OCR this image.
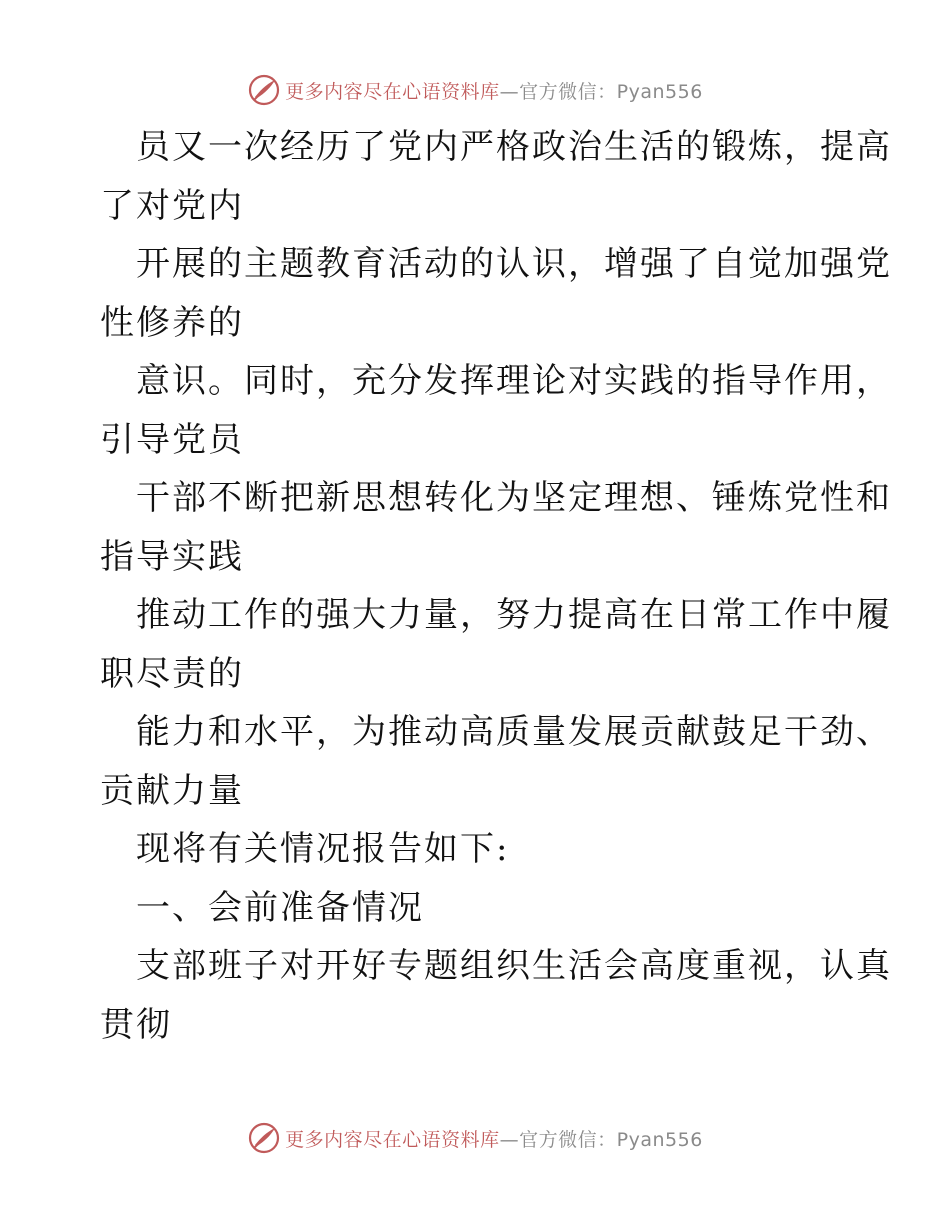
更多内容尽在心语资料库—官方微信：Pyan556
员又一次经历了党内严格政治生活的锻炼，提高
了对党内
开展的主题教育活动的认识，增强了自觉加强党
性修养的
意识。同时，充分发挥理论对实践的指导作用，
引导党员
干部不断把新思想转化为坚定理想、锤炼党性和
指导实践
推动工作的强大力量，努力提高在日常工作中履
职尽责的
能力和水平，为推动高质量发展贡献鼓足干劲、
贡献力量
现将有关情况报告如下:
一、会前准备情况
支部班子对开好专题组织生活会高度重视，认真
贯彻
更多内容尽在心语资料库—官方微信：Pyan556
